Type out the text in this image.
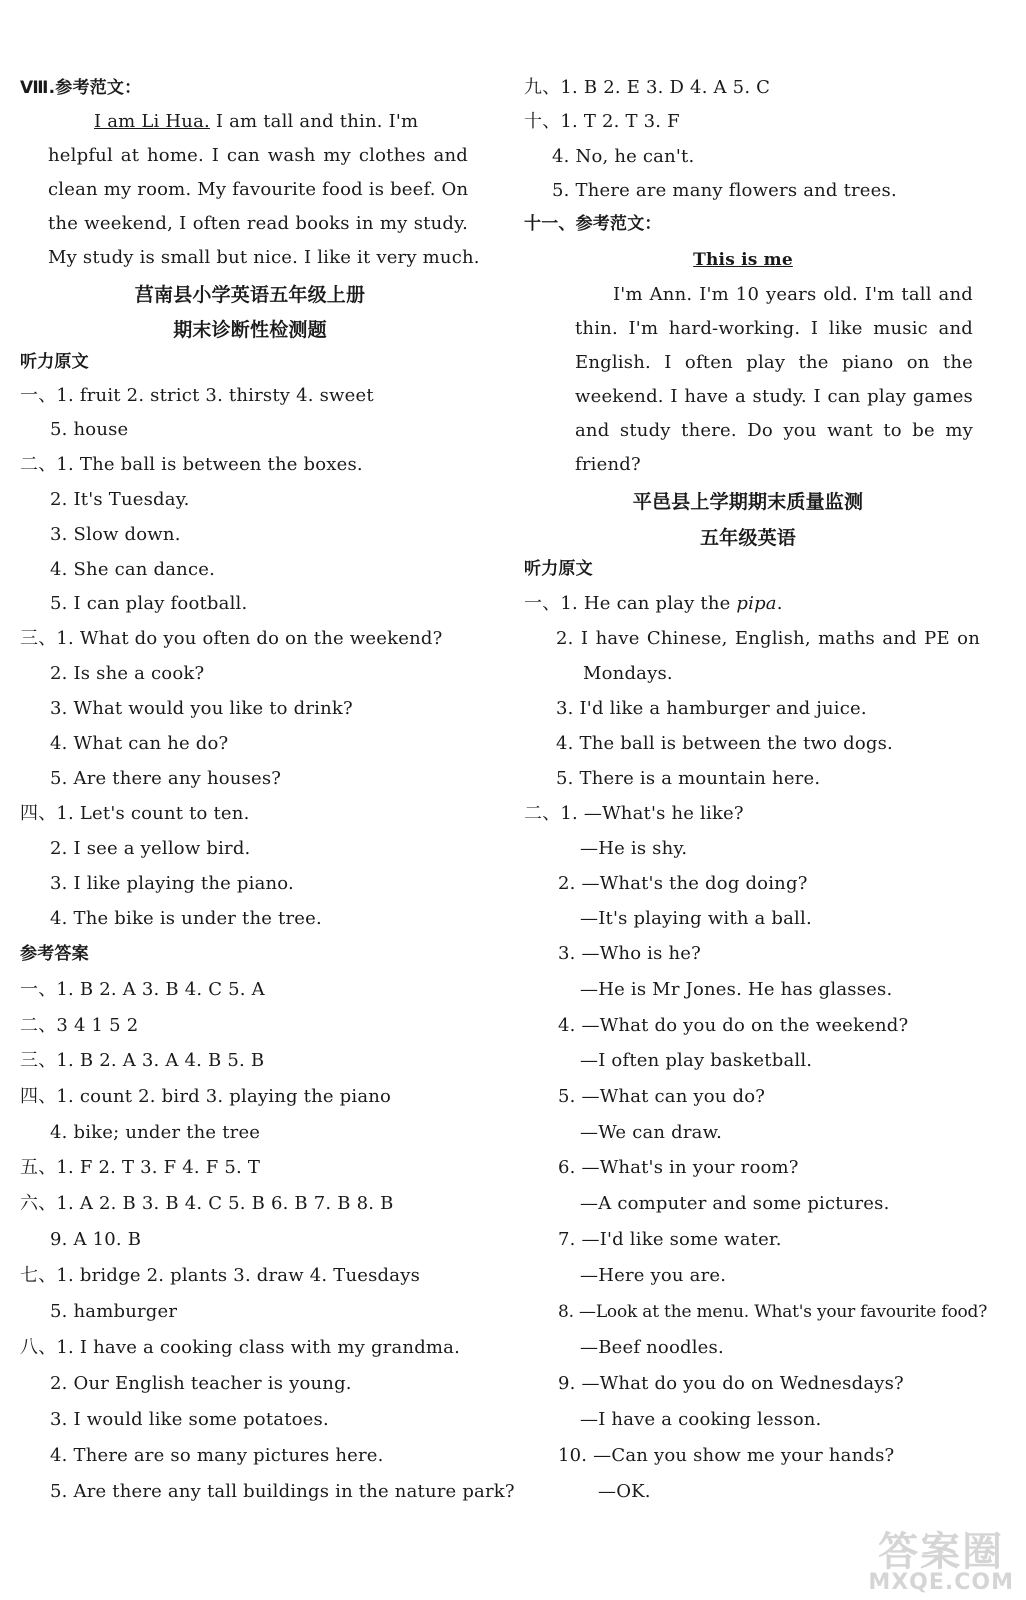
Ⅷ.参考范文：
I am Li Hua. I am tall and thin. I'm
helpful at home. I can wash my clothes and
clean my room. My favourite food is beef. On
the weekend, I often read books in my study.
My study is small but nice. I like it very much.
莒南县小学英语五年级上册
期末诊断性检测题
听力原文
一、1. fruit 2. strict 3. thirsty 4. sweet
5. house
二、1. The ball is between the boxes.
2. It's Tuesday.
3. Slow down.
4. She can dance.
5. I can play football.
三、1. What do you often do on the weekend?
2. Is she a cook?
3. What would you like to drink?
4. What can he do?
5. Are there any houses?
四、1. Let's count to ten.
2. I see a yellow bird.
3. I like playing the piano.
4. The bike is under the tree.
参考答案
一、1. B 2. A 3. B 4. C 5. A
二、3 4 1 5 2
三、1. B 2. A 3. A 4. B 5. B
四、1. count 2. bird 3. playing the piano
4. bike; under the tree
五、1. F 2. T 3. F 4. F 5. T
六、1. A 2. B 3. B 4. C 5. B 6. B 7. B 8. B
9. A 10. B
七、1. bridge 2. plants 3. draw 4. Tuesdays
5. hamburger
八、1. I have a cooking class with my grandma.
2. Our English teacher is young.
3. I would like some potatoes.
4. There are so many pictures here.
5. Are there any tall buildings in the nature park?
九、1. B 2. E 3. D 4. A 5. C
十、1. T 2. T 3. F
4. No, he can't.
5. There are many flowers and trees.
十一、参考范文：
This is me
I'm Ann. I'm 10 years old. I'm tall and
thin. I'm hard-working. I like music and
English. I often play the piano on the
weekend. I have a study. I can play games
and study there. Do you want to be my
friend?
平邑县上学期期末质量监测
五年级英语
听力原文
一、1. He can play the pipa.
2. I have Chinese, English, maths and PE on
Mondays.
3. I'd like a hamburger and juice.
4. The ball is between the two dogs.
5. There is a mountain here.
二、1. —What's he like?
—He is shy.
2. —What's the dog doing?
—It's playing with a ball.
3. —Who is he?
—He is Mr Jones. He has glasses.
4. —What do you do on the weekend?
—I often play basketball.
5. —What can you do?
—We can draw.
6. —What's in your room?
—A computer and some pictures.
7. —I'd like some water.
—Here you are.
8. —Look at the menu. What's your favourite food?
—Beef noodles.
9. —What do you do on Wednesdays?
—I have a cooking lesson.
10. —Can you show me your hands?
—OK.
答案圈
MXQE.COM
